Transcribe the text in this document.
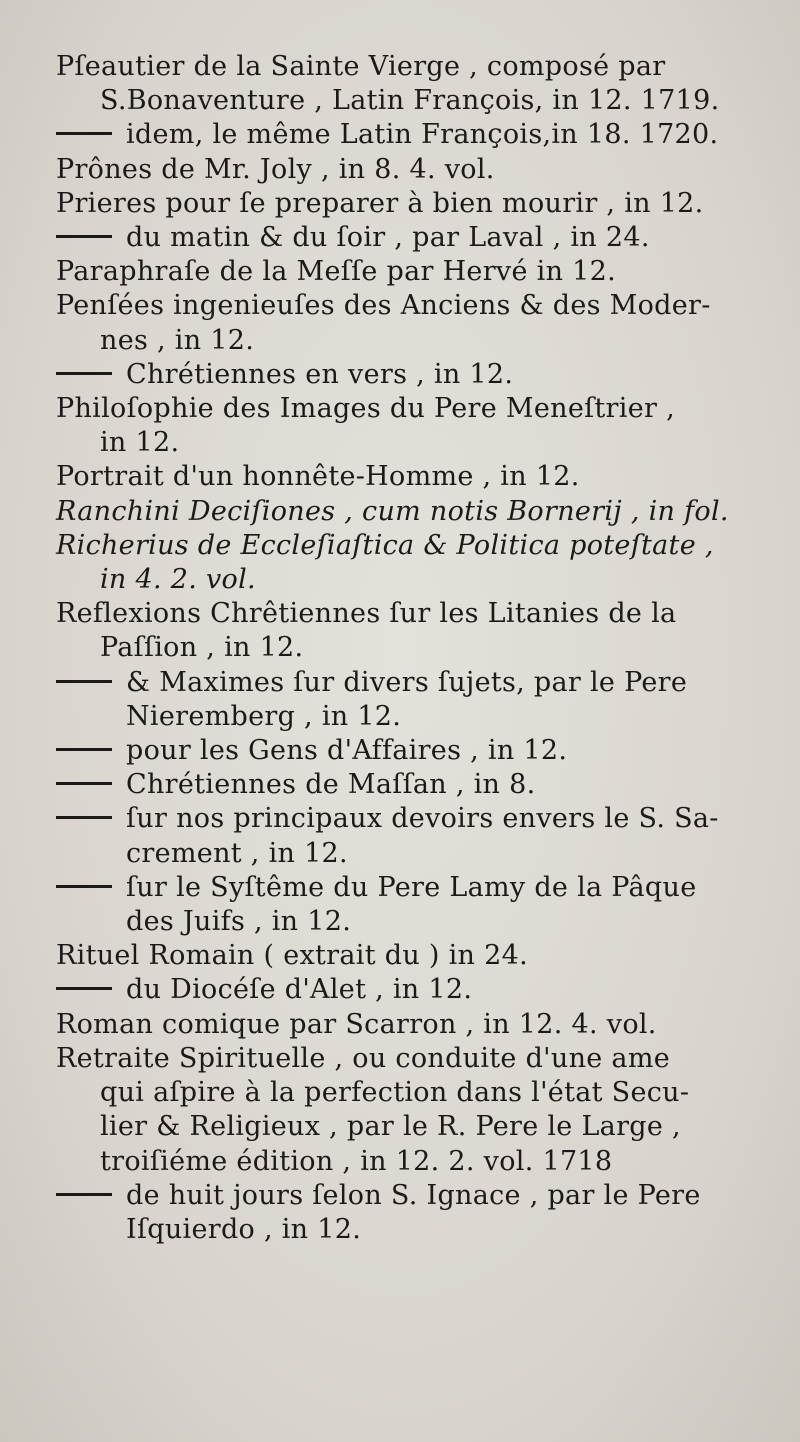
Pſeautier de la Sainte Vierge , composé par
S.Bonaventure , Latin François, in 12. 1719.
idem, le même Latin François,in 18. 1720.
Prônes de Mr. Joly , in 8. 4. vol.
Prieres pour ſe preparer à bien mourir , in 12.
du matin & du ſoir , par Laval , in 24.
Paraphraſe de la Meſſe par Hervé in 12.
Penſées ingenieuſes des Anciens & des Moder-
nes , in 12.
Chrétiennes en vers , in 12.
Philoſophie des Images du Pere Meneſtrier ,
in 12.
Portrait d'un honnête-Homme , in 12.
Ranchini Deciſiones , cum notis Bornerij , in fol.
Richerius de Eccleſiaſtica & Politica poteſtate ,
in 4. 2. vol.
Reflexions Chrêtiennes ſur les Litanies de la
Paſſion , in 12.
& Maximes ſur divers ſujets, par le Pere
Nieremberg , in 12.
pour les Gens d'Affaires , in 12.
Chrétiennes de Maſſan , in 8.
ſur nos principaux devoirs envers le S. Sa-
crement , in 12.
ſur le Syſtême du Pere Lamy de la Pâque
des Juifs , in 12.
Rituel Romain ( extrait du ) in 24.
du Diocéſe d'Alet , in 12.
Roman comique par Scarron , in 12. 4. vol.
Retraite Spirituelle , ou conduite d'une ame
qui aſpire à la perfection dans l'état Secu-
lier & Religieux , par le R. Pere le Large ,
troiſiéme édition , in 12. 2. vol. 1718
de huit jours ſelon S. Ignace , par le Pere
Iſquierdo , in 12.
